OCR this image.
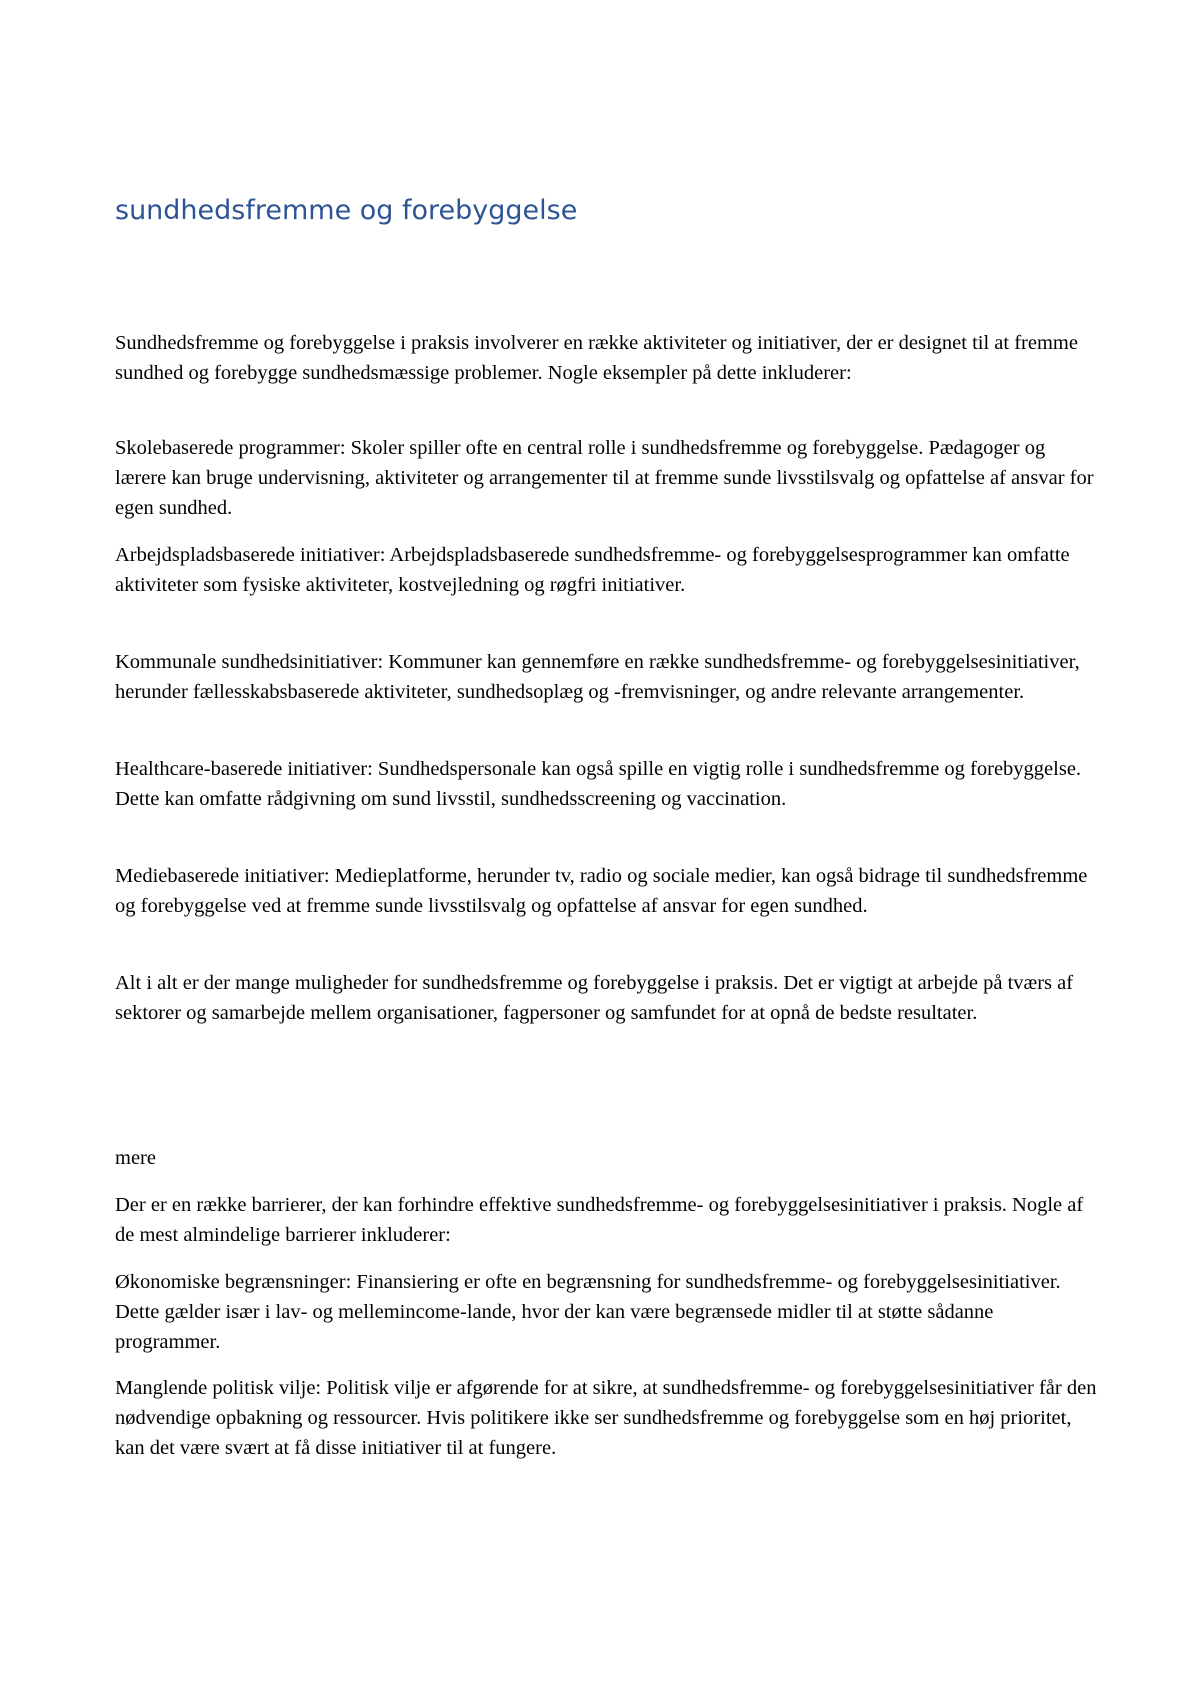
sundhedsfremme og forebyggelse

Sundhedsfremme og forebyggelse i praksis involverer en række aktiviteter og initiativer, der er designet til at fremme sundhed og forebygge sundhedsmæssige problemer. Nogle eksempler på dette inkluderer:

Skolebaserede programmer: Skoler spiller ofte en central rolle i sundhedsfremme og forebyggelse. Pædagoger og lærere kan bruge undervisning, aktiviteter og arrangementer til at fremme sunde livsstilsvalg og opfattelse af ansvar for egen sundhed.

Arbejdspladsbaserede initiativer: Arbejdspladsbaserede sundhedsfremme- og forebyggelsesprogrammer kan omfatte aktiviteter som fysiske aktiviteter, kostvejledning og røgfri initiativer.

Kommunale sundhedsinitiativer: Kommuner kan gennemføre en række sundhedsfremme- og forebyggelsesinitiativer, herunder fællesskabsbaserede aktiviteter, sundhedsoplæg og -fremvisninger, og andre relevante arrangementer.

Healthcare-baserede initiativer: Sundhedspersonale kan også spille en vigtig rolle i sundhedsfremme og forebyggelse. Dette kan omfatte rådgivning om sund livsstil, sundhedsscreening og vaccination.

Mediebaserede initiativer: Medieplatforme, herunder tv, radio og sociale medier, kan også bidrage til sundhedsfremme og forebyggelse ved at fremme sunde livsstilsvalg og opfattelse af ansvar for egen sundhed.

Alt i alt er der mange muligheder for sundhedsfremme og forebyggelse i praksis. Det er vigtigt at arbejde på tværs af sektorer og samarbejde mellem organisationer, fagpersoner og samfundet for at opnå de bedste resultater.

mere

Der er en række barrierer, der kan forhindre effektive sundhedsfremme- og forebyggelsesinitiativer i praksis. Nogle af de mest almindelige barrierer inkluderer:

Økonomiske begrænsninger: Finansiering er ofte en begrænsning for sundhedsfremme- og forebyggelsesinitiativer. Dette gælder især i lav- og mellemincome-lande, hvor der kan være begrænsede midler til at støtte sådanne programmer.

Manglende politisk vilje: Politisk vilje er afgørende for at sikre, at sundhedsfremme- og forebyggelsesinitiativer får den nødvendige opbakning og ressourcer. Hvis politikere ikke ser sundhedsfremme og forebyggelse som en høj prioritet, kan det være svært at få disse initiativer til at fungere.
